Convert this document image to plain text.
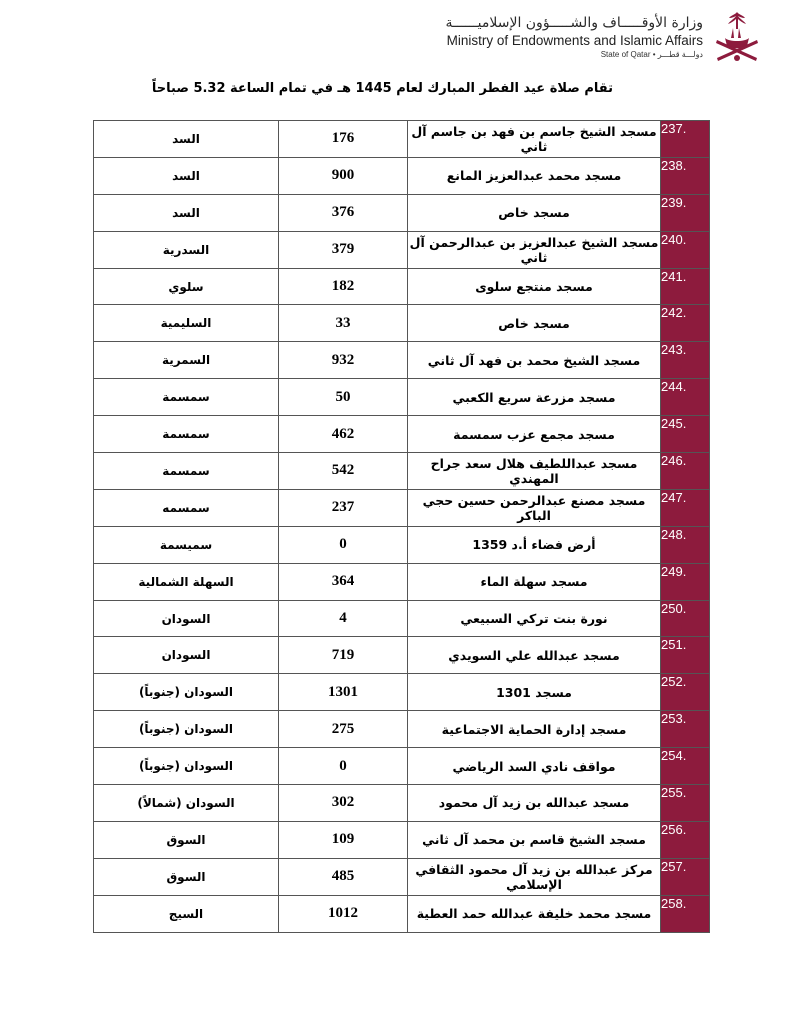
وزارة الأوقـــــاف والشـــــؤون الإسلاميــــــة
Ministry of Endowments and Islamic Affairs
State of Qatar • دولـــة قطـــر
تقام صلاة عيد الفطر المبارك لعام 1445 هـ في تمام الساعة 5.32 صباحاً
السد	176	مسجد الشيخ جاسم بن فهد بن جاسم آل ثاني	237.
السد	900	مسجد محمد عبدالعزيز المانع	238.
السد	376	مسجد خاص	239.
السدرية	379	مسجد الشيخ عبدالعزيز بن عبدالرحمن آل ثاني	240.
سلوي	182	مسجد منتجع سلوى	241.
السليمية	33	مسجد خاص	242.
السمرية	932	مسجد الشيخ محمد بن فهد آل ثاني	243.
سمسمة	50	مسجد مزرعة سريع الكعبي	244.
سمسمة	462	مسجد مجمع عزب سمسمة	245.
سمسمة	542	مسجد عبداللطيف هلال سعد جراح المهندي	246.
سمسمه	237	مسجد مصنع عبدالرحمن حسين حجي الباكر	247.
سميسمة	0	أرض فضاء أ.د 1359	248.
السهلة الشمالية	364	مسجد سهلة الماء	249.
السودان	4	نورة بنت تركي السبيعي	250.
السودان	719	مسجد عبدالله علي السويدي	251.
السودان (جنوباً)	1301	مسجد 1301	252.
السودان (جنوباً)	275	مسجد إدارة الحماية الاجتماعية	253.
السودان (جنوباً)	0	مواقف نادي السد الرياضي	254.
السودان (شمالاً)	302	مسجد عبدالله بن زيد آل محمود	255.
السوق	109	مسجد الشيخ قاسم بن محمد آل ثاني	256.
السوق	485	مركز عبدالله بن زيد آل محمود الثقافي الإسلامي	257.
السيج	1012	مسجد محمد خليفة عبدالله حمد العطية	258.
